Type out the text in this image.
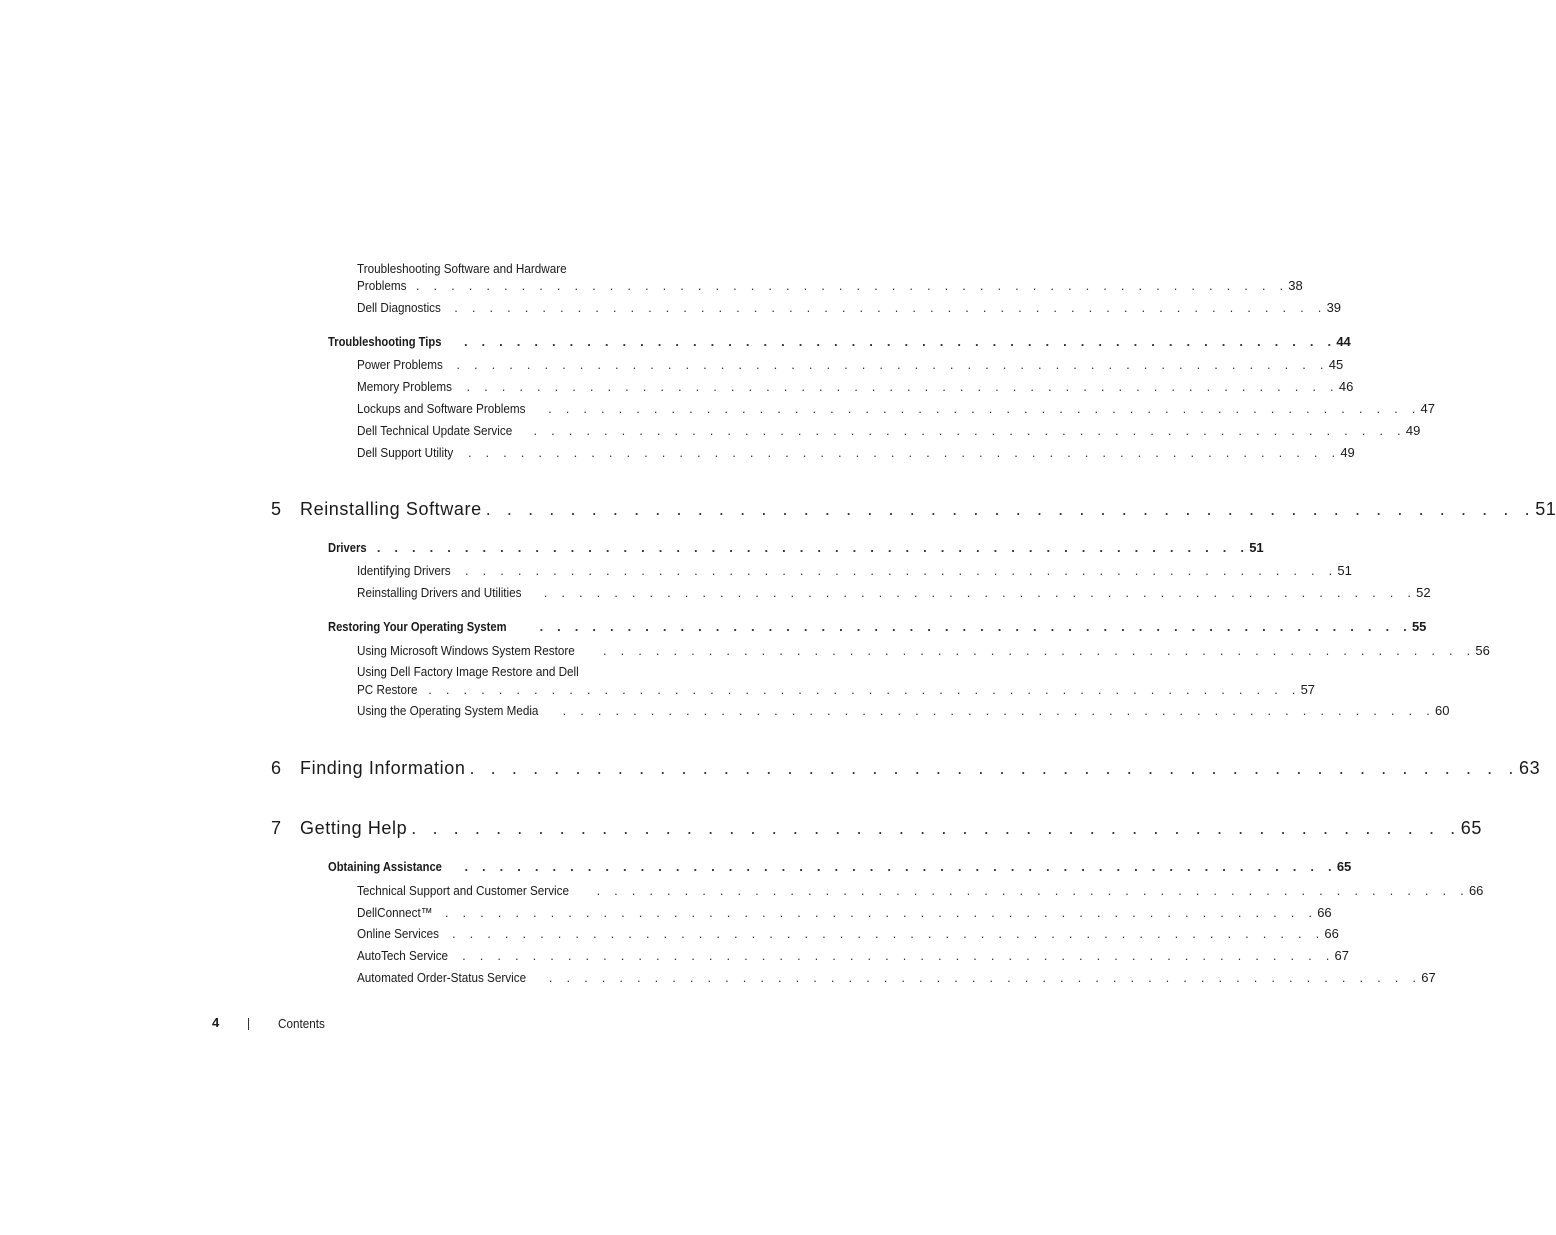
Troubleshooting Software and Hardware
Problems . . . . . . . . . . . . . . . . . . . . . . . . . . . . . . . . . . . . . . . . . . . . . . . . . . 38
Dell Diagnostics . . . . . . . . . . . . . . . . . . . . . . . . . . . . . . . . . . . . . . . . . . . . . . . . . . 39
Troubleshooting Tips . . . . . . . . . . . . . . . . . . . . . . . . . . . . . . . . . . . . . . . . . . . . . . . . . . 44
Power Problems . . . . . . . . . . . . . . . . . . . . . . . . . . . . . . . . . . . . . . . . . . . . . . . . . . 45
Memory Problems . . . . . . . . . . . . . . . . . . . . . . . . . . . . . . . . . . . . . . . . . . . . . . . . . . 46
Lockups and Software Problems . . . . . . . . . . . . . . . . . . . . . . . . . . . . . . . . . . . . . . . . . . . . . . . . . . 47
Dell Technical Update Service . . . . . . . . . . . . . . . . . . . . . . . . . . . . . . . . . . . . . . . . . . . . . . . . . . 49
Dell Support Utility . . . . . . . . . . . . . . . . . . . . . . . . . . . . . . . . . . . . . . . . . . . . . . . . . . 49
5 Reinstalling Software . . . . . . . . . . . . . . . . . . . . . . . . . . . . . . . . . . . . . . . . . . . . . . . . . . 51
Drivers . . . . . . . . . . . . . . . . . . . . . . . . . . . . . . . . . . . . . . . . . . . . . . . . . . 51
Identifying Drivers . . . . . . . . . . . . . . . . . . . . . . . . . . . . . . . . . . . . . . . . . . . . . . . . . . 51
Reinstalling Drivers and Utilities . . . . . . . . . . . . . . . . . . . . . . . . . . . . . . . . . . . . . . . . . . . . . . . . . . 52
Restoring Your Operating System	. . . . . . . . . . . . . . . . . . . . . . . . . . . . . . . . . . . . . . . . . . . . . . . . . . 55
Using Microsoft Windows System Restore . . . . . . . . . . . . . . . . . . . . . . . . . . . . . . . . . . . . . . . . . . . . . . . . . . 56
Using Dell Factory Image Restore and Dell
PC Restore . . . . . . . . . . . . . . . . . . . . . . . . . . . . . . . . . . . . . . . . . . . . . . . . . . 57
Using the Operating System Media . . . . . . . . . . . . . . . . . . . . . . . . . . . . . . . . . . . . . . . . . . . . . . . . . . 60
6 Finding Information . . . . . . . . . . . . . . . . . . . . . . . . . . . . . . . . . . . . . . . . . . . . . . . . . . 63
7 Getting Help . . . . . . . . . . . . . . . . . . . . . . . . . . . . . . . . . . . . . . . . . . . . . . . . . . 65
Obtaining Assistance . . . . . . . . . . . . . . . . . . . . . . . . . . . . . . . . . . . . . . . . . . . . . . . . . . 65
Technical Support and Customer Service . . . . . . . . . . . . . . . . . . . . . . . . . . . . . . . . . . . . . . . . . . . . . . . . . . 66
DellConnect™ . . . . . . . . . . . . . . . . . . . . . . . . . . . . . . . . . . . . . . . . . . . . . . . . . . 66
Online Services . . . . . . . . . . . . . . . . . . . . . . . . . . . . . . . . . . . . . . . . . . . . . . . . . . 66
AutoTech Service . . . . . . . . . . . . . . . . . . . . . . . . . . . . . . . . . . . . . . . . . . . . . . . . . . 67
Automated Order-Status Service . . . . . . . . . . . . . . . . . . . . . . . . . . . . . . . . . . . . . . . . . . . . . . . . . . 67
4	Contents
